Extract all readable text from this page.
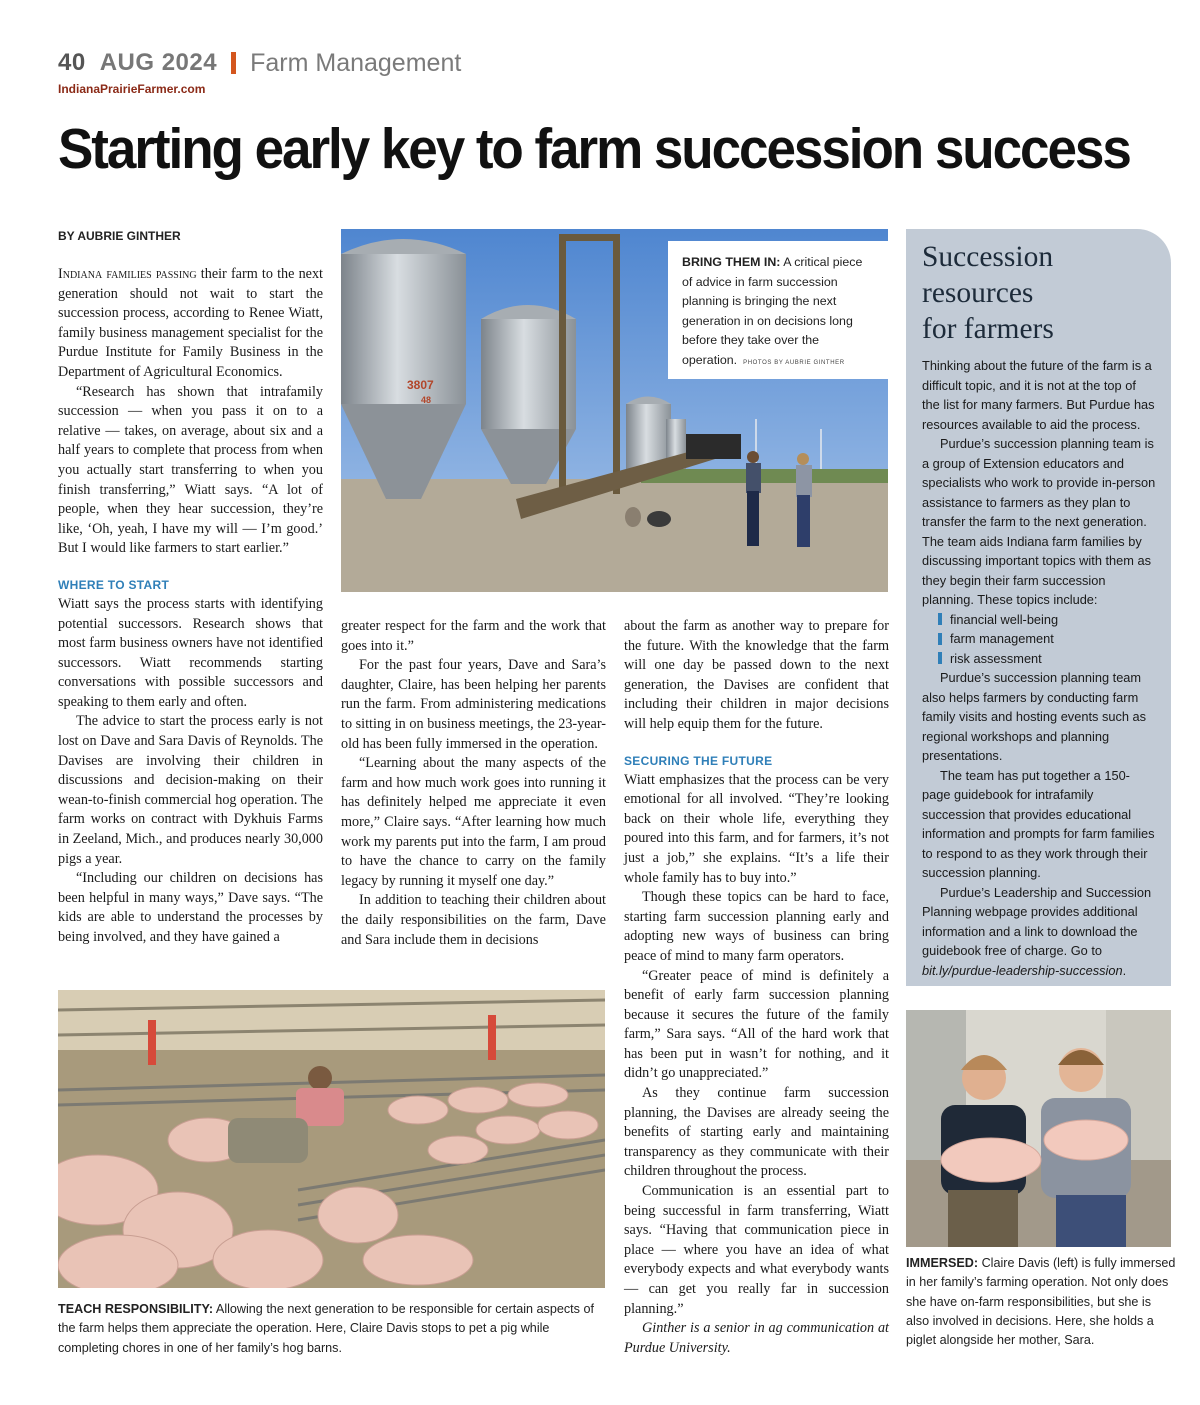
40 AUG 2024 Farm Management
IndianaPrairieFarmer.com
Starting early key to farm succession success
BY AUBRIE GINTHER

Indiana families passing their farm to the next generation should not wait to start the succession process, according to Renee Wiatt, family business management specialist for the Purdue Institute for Family Business in the Department of Agricultural Economics.

“Research has shown that intrafamily succession — when you pass it on to a relative — takes, on average, about six and a half years to complete that process from when you actually start transferring to when you finish transferring,” Wiatt says. “A lot of people, when they hear succession, they’re like, ‘Oh, yeah, I have my will — I’m good.’ But I would like farmers to start earlier.”

WHERE TO START

Wiatt says the process starts with identifying potential successors. Research shows that most farm business owners have not identified successors. Wiatt recommends starting conversations with possible successors and speaking to them early and often.

The advice to start the process early is not lost on Dave and Sara Davis of Reynolds. The Davises are involving their children in discussions and decision-making on their wean-to-finish commercial hog operation. The farm works on contract with Dykhuis Farms in Zeeland, Mich., and produces nearly 30,000 pigs a year.

“Including our children on decisions has been helpful in many ways,” Dave says. “The kids are able to understand the processes by being involved, and they have gained a

greater respect for the farm and the work that goes into it.”

For the past four years, Dave and Sara’s daughter, Claire, has been helping her parents run the farm. From administering medications to sitting in on business meetings, the 23-year-old has been fully immersed in the operation.

“Learning about the many aspects of the farm and how much work goes into running it has definitely helped me appreciate it even more,” Claire says. “After learning how much work my parents put into the farm, I am proud to have the chance to carry on the family legacy by running it myself one day.”

In addition to teaching their children about the daily responsibilities on the farm, Dave and Sara include them in decisions

about the farm as another way to prepare for the future. With the knowledge that the farm will one day be passed down to the next generation, the Davises are confident that including their children in major decisions will help equip them for the future.

SECURING THE FUTURE

Wiatt emphasizes that the process can be very emotional for all involved. “They’re looking back on their whole life, everything they poured into this farm, and for farmers, it’s not just a job,” she explains. “It’s a life their whole family has to buy into.”

Though these topics can be hard to face, starting farm succession planning early and adopting new ways of business can bring peace of mind to many farm operators.

“Greater peace of mind is definitely a benefit of early farm succession planning because it secures the future of the family farm,” Sara says. “All of the hard work that has been put in wasn’t for nothing, and it didn’t go unappreciated.”

As they continue farm succession planning, the Davises are already seeing the benefits of starting early and maintaining transparency as they communicate with their children throughout the process.

Communication is an essential part to being successful in farm transferring, Wiatt says. “Having that communication piece in place — where you have an idea of what everybody expects and what everybody wants — can get you really far in succession planning.”

Ginther is a senior in ag communication at Purdue University.

3807
48
BRING THEM IN: A critical piece of advice in farm succession planning is bringing the next generation in on decisions long before they take over the operation. PHOTOS BY AUBRIE GINTHER
Succession
resources
for farmers

Thinking about the future of the farm is a difficult topic, and it is not at the top of the list for many farmers. But Purdue has resources available to aid the process.

Purdue’s succession planning team is a group of Extension educators and specialists who work to provide in-person assistance to farmers as they plan to transfer the farm to the next generation. The team aids Indiana farm families by discussing important topics with them as they begin their farm succession planning. These topics include:

financial well-being
farm management
risk assessment

Purdue’s succession planning team also helps farmers by conducting farm family visits and hosting events such as regional workshops and planning presentations.

The team has put together a 150-page guidebook for intrafamily succession that provides educational information and prompts for farm families to respond to as they work through their succession planning.

Purdue’s Leadership and Succession Planning webpage provides additional information and a link to download the guidebook free of charge. Go to bit.ly/purdue-leadership-succession.

TEACH RESPONSIBILITY: Allowing the next generation to be responsible for certain aspects of the farm helps them appreciate the operation. Here, Claire Davis stops to pet a pig while completing chores in one of her family’s hog barns.
IMMERSED: Claire Davis (left) is fully immersed in her family’s farming operation. Not only does she have on-farm responsibilities, but she is also involved in decisions. Here, she holds a piglet alongside her mother, Sara.
